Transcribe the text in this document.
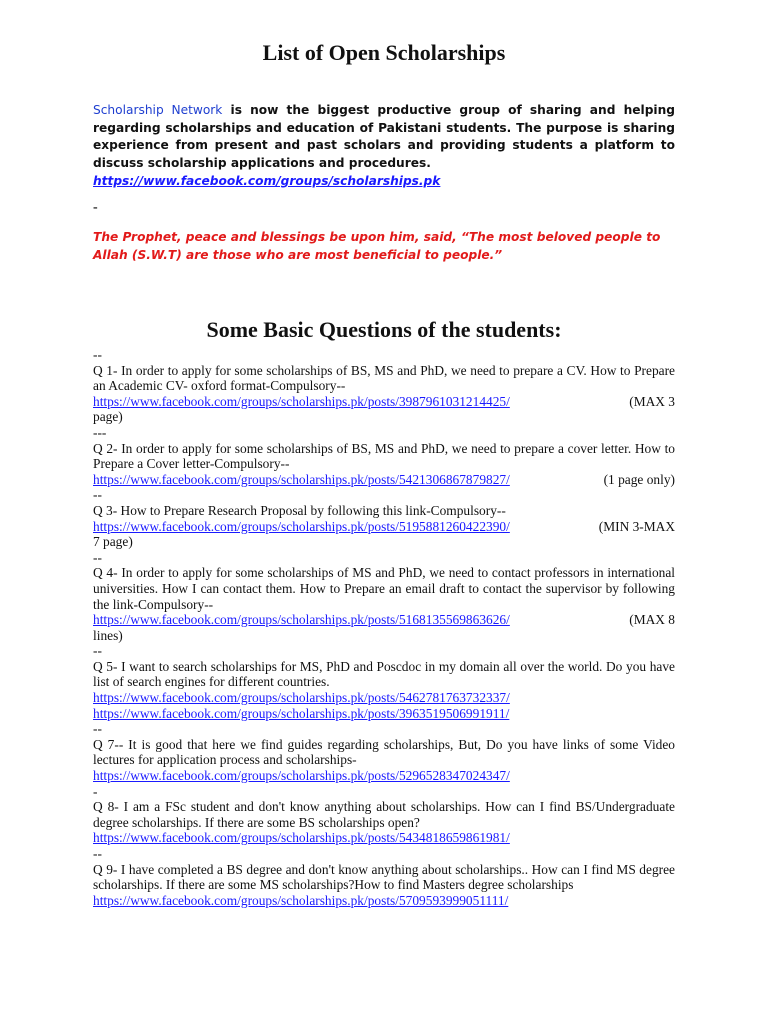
List of Open Scholarships

Scholarship Network is now the biggest productive group of sharing and helping regarding scholarships and education of Pakistani students. The purpose is sharing experience from present and past scholars and providing students a platform to discuss scholarship applications and procedures.

https://www.facebook.com/groups/scholarships.pk

-

The Prophet, peace and blessings be upon him, said, “The most beloved people to Allah (S.W.T) are those who are most beneficial to people.”

Some Basic Questions of the students:

--

Q 1- In order to apply for some scholarships of BS, MS and PhD, we need to prepare a CV. How to Prepare an Academic CV- oxford format-Compulsory--

https://www.facebook.com/groups/scholarships.pk/posts/3987961031214425/	(MAX 3

page)

---

Q 2- In order to apply for some scholarships of BS, MS and PhD, we need to prepare a cover letter. How to Prepare a Cover letter-Compulsory--

https://www.facebook.com/groups/scholarships.pk/posts/5421306867879827/	(1 page only)

--

Q 3- How to Prepare Research Proposal by following this link-Compulsory--

https://www.facebook.com/groups/scholarships.pk/posts/5195881260422390/	(MIN 3-MAX

7 page)

--

Q 4- In order to apply for some scholarships of MS and PhD, we need to contact professors in international universities. How I can contact them. How to Prepare an email draft to contact the supervisor by following the link-Compulsory--

https://www.facebook.com/groups/scholarships.pk/posts/5168135569863626/	(MAX 8

lines)

--

Q 5- I want to search scholarships for MS, PhD and Poscdoc in my domain all over the world. Do you have list of search engines for different countries.

https://www.facebook.com/groups/scholarships.pk/posts/5462781763732337/

https://www.facebook.com/groups/scholarships.pk/posts/3963519506991911/

--

Q 7-- It is good that here we find guides regarding scholarships, But, Do you have links of some Video lectures for application process and scholarships-

https://www.facebook.com/groups/scholarships.pk/posts/5296528347024347/

-

Q 8- I am a FSc student and don't know anything about scholarships. How can I find BS/Undergraduate degree scholarships. If there are some BS scholarships open?

https://www.facebook.com/groups/scholarships.pk/posts/5434818659861981/

--

Q 9- I have completed a BS degree and don't know anything about scholarships.. How can I find MS degree scholarships. If there are some MS scholarships?How to find Masters degree scholarships

https://www.facebook.com/groups/scholarships.pk/posts/5709593999051111/
